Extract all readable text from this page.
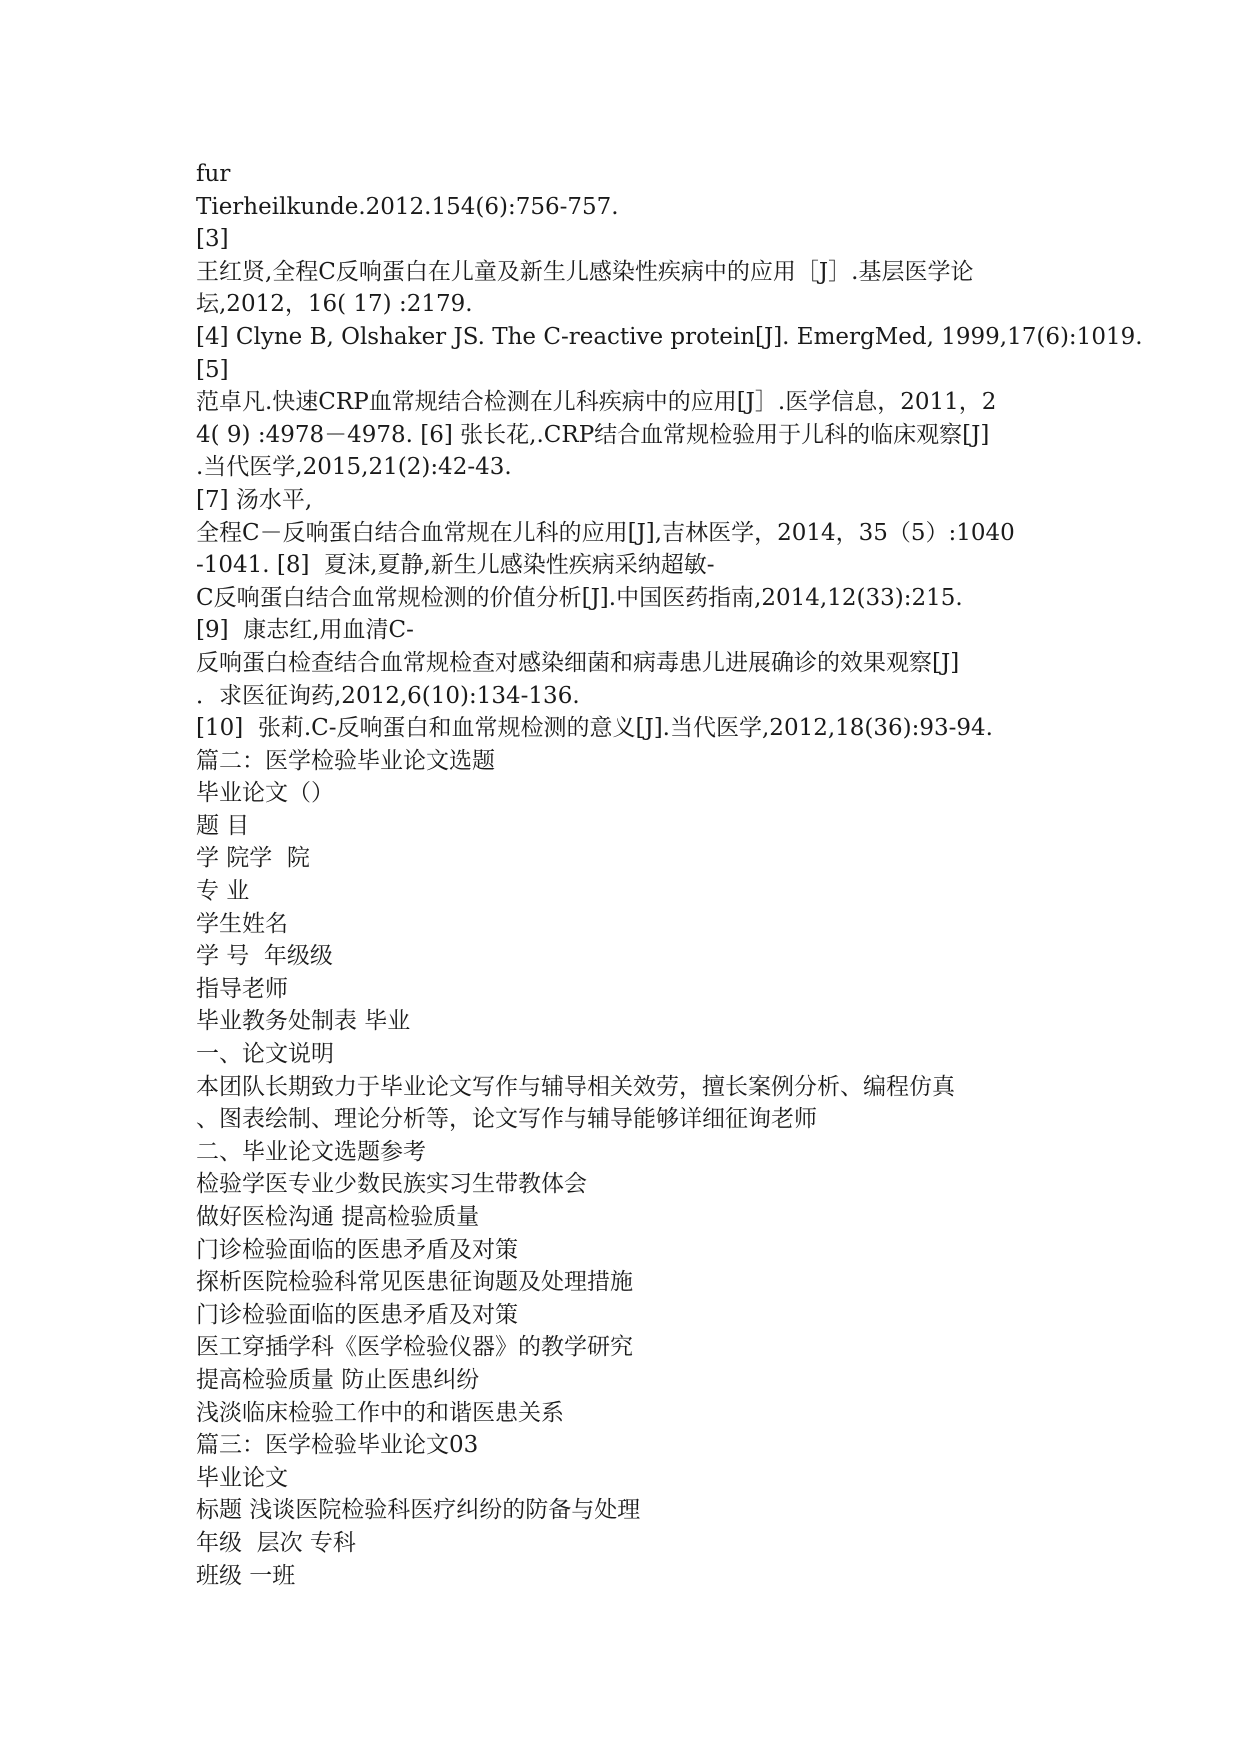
fur
Tierheilkunde.2012.154(6):756-757.
[3]
王红贤,全程C反响蛋白在儿童及新生儿感染性疾病中的应用［J］.基层医学论
坛,2012，16( 17) :2179.
[4] Clyne B, Olshaker JS. The C-reactive protein[J]. EmergMed, 1999,17(6):1019.
[5]
范卓凡.快速CRP血常规结合检测在儿科疾病中的应用[J］.医学信息，2011，2
4( 9) :4978－4978. [6] 张长花,.CRP结合血常规检验用于儿科的临床观察[J]
.当代医学,2015,21(2):42-43.
[7] 汤水平,
全程C－反响蛋白结合血常规在儿科的应用[J],吉林医学，2014，35（5）:1040
-1041. [8]  夏沫,夏静,新生儿感染性疾病采纳超敏-
C反响蛋白结合血常规检测的价值分析[J].中国医药指南,2014,12(33):215.
[9]  康志红,用血清C-
反响蛋白检查结合血常规检查对感染细菌和病毒患儿进展确诊的效果观察[J]
．求医征询药,2012,6(10):134-136.
[10]  张莉.C-反响蛋白和血常规检测的意义[J].当代医学,2012,18(36):93-94.
篇二：医学检验毕业论文选题
毕业论文（）
题 目
学 院学  院
专 业
学生姓名
学 号  年级级
指导老师
毕业教务处制表 毕业
一、论文说明
本团队长期致力于毕业论文写作与辅导相关效劳，擅长案例分析、编程仿真
、图表绘制、理论分析等，论文写作与辅导能够详细征询老师
二、毕业论文选题参考
检验学医专业少数民族实习生带教体会
做好医检沟通 提高检验质量
门诊检验面临的医患矛盾及对策
探析医院检验科常见医患征询题及处理措施
门诊检验面临的医患矛盾及对策
医工穿插学科《医学检验仪器》的教学研究
提高检验质量 防止医患纠纷
浅淡临床检验工作中的和谐医患关系
篇三：医学检验毕业论文03
毕业论文
标题 浅谈医院检验科医疗纠纷的防备与处理
年级  层次 专科
班级 一班
